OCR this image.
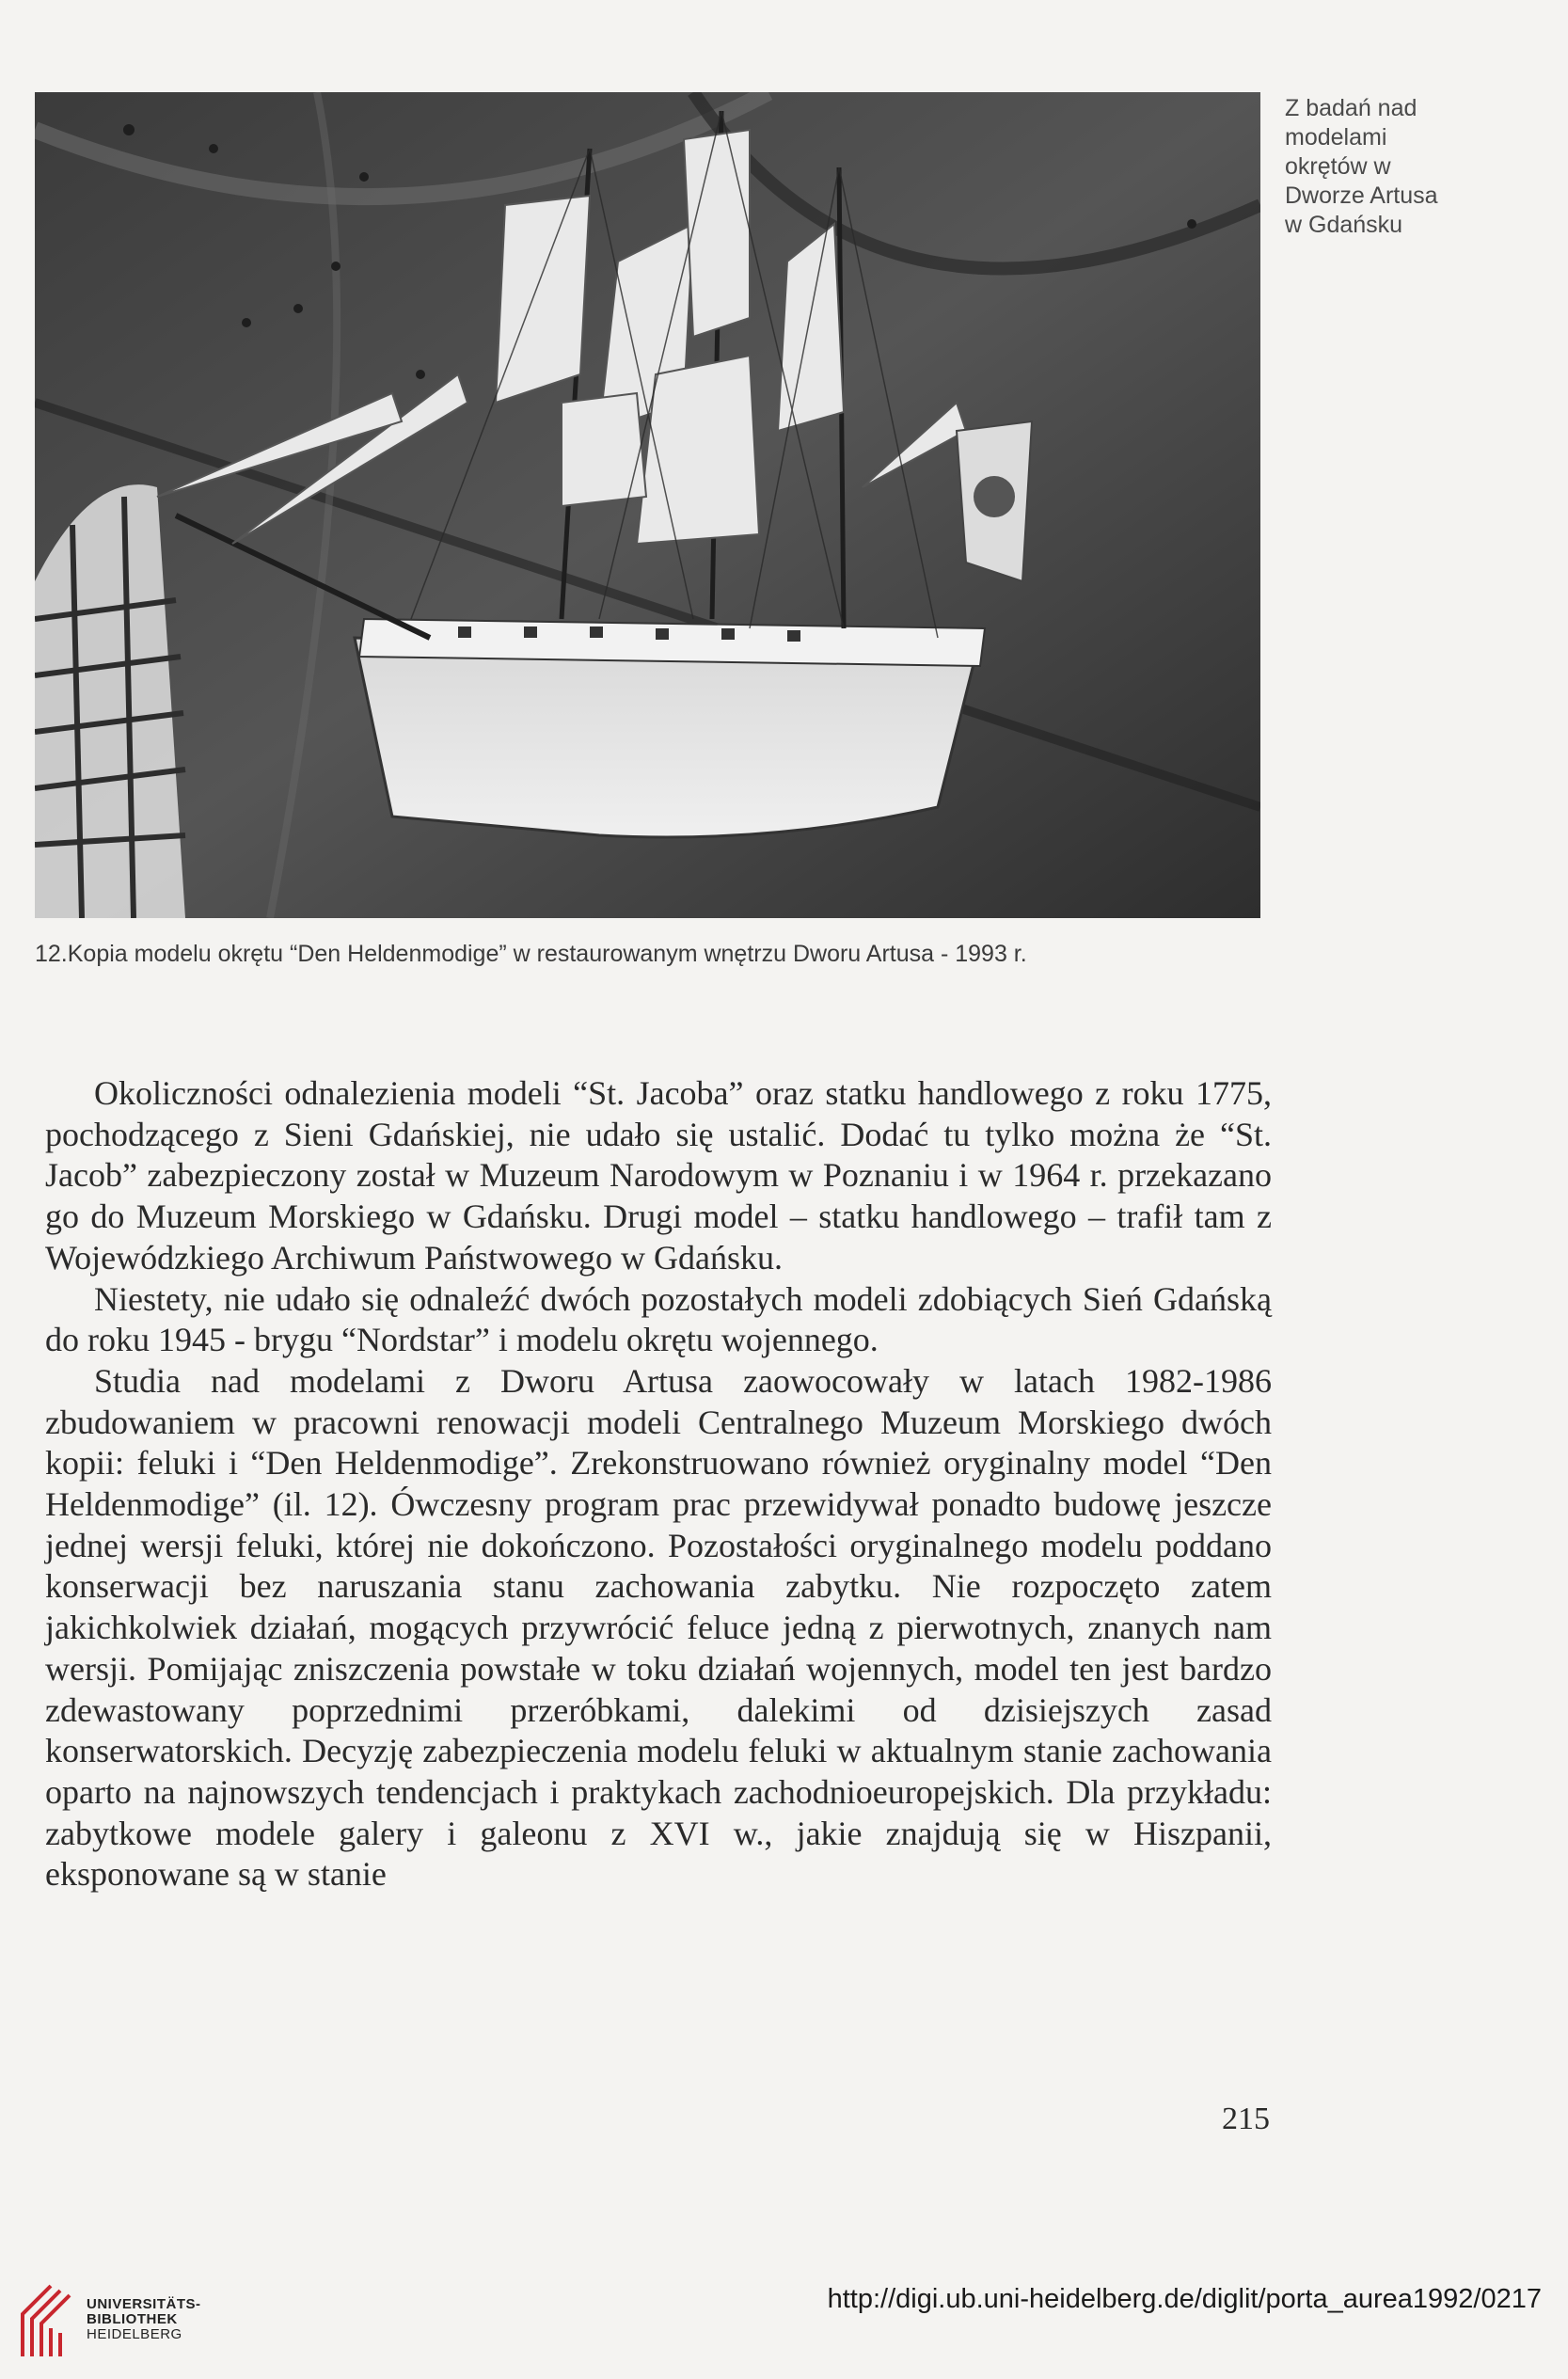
Z badań nad
modelami
okrętów w
Dworze Artusa
w Gdańsku
12.Kopia modelu okrętu “Den Heldenmodige” w restaurowanym wnętrzu Dworu Artusa - 1993 r.

Okoliczności odnalezienia modeli “St. Jacoba” oraz statku handlowego z roku 1775, pochodzącego z Sieni Gdańskiej, nie udało się ustalić. Dodać tu tylko można że “St. Jacob” zabezpieczony został w Muzeum Narodowym w Poznaniu i w 1964 r. przekazano go do Muzeum Morskiego w Gdańsku. Drugi model – statku handlowego – trafił tam z Wojewódzkiego Archiwum Państwowego w Gdańsku.

Niestety, nie udało się odnaleźć dwóch pozostałych modeli zdobiących Sień Gdańską do roku 1945 - brygu “Nordstar” i modelu okrętu wojennego.

Studia nad modelami z Dworu Artusa zaowocowały w latach 1982-1986 zbudowaniem w pracowni renowacji modeli Centralnego Muzeum Morskiego dwóch kopii: feluki i “Den Heldenmodige”. Zrekonstruowano również oryginalny model “Den Heldenmodige” (il. 12). Ówczesny program prac przewidywał ponadto budowę jeszcze jednej wersji feluki, której nie dokończono. Pozostałości oryginalnego modelu poddano konserwacji bez naruszania stanu zachowania zabytku. Nie rozpoczęto zatem jakichkolwiek działań, mogących przywrócić feluce jedną z pierwotnych, znanych nam wersji. Pomijając zniszczenia powstałe w toku działań wojennych, model ten jest bardzo zdewastowany poprzednimi przeróbkami, dalekimi od dzisiejszych zasad konserwatorskich. Decyzję zabezpieczenia modelu feluki w aktualnym stanie zachowania oparto na najnowszych tendencjach i praktykach zachodnioeuropejskich. Dla przykładu: zabytkowe modele galery i galeonu z XVI w., jakie znajdują się w Hiszpanii, eksponowane są w stanie

215
UNIVERSITÄTS-
BIBLIOTHEK
HEIDELBERG
http://digi.ub.uni-heidelberg.de/diglit/porta_aurea1992/0217
